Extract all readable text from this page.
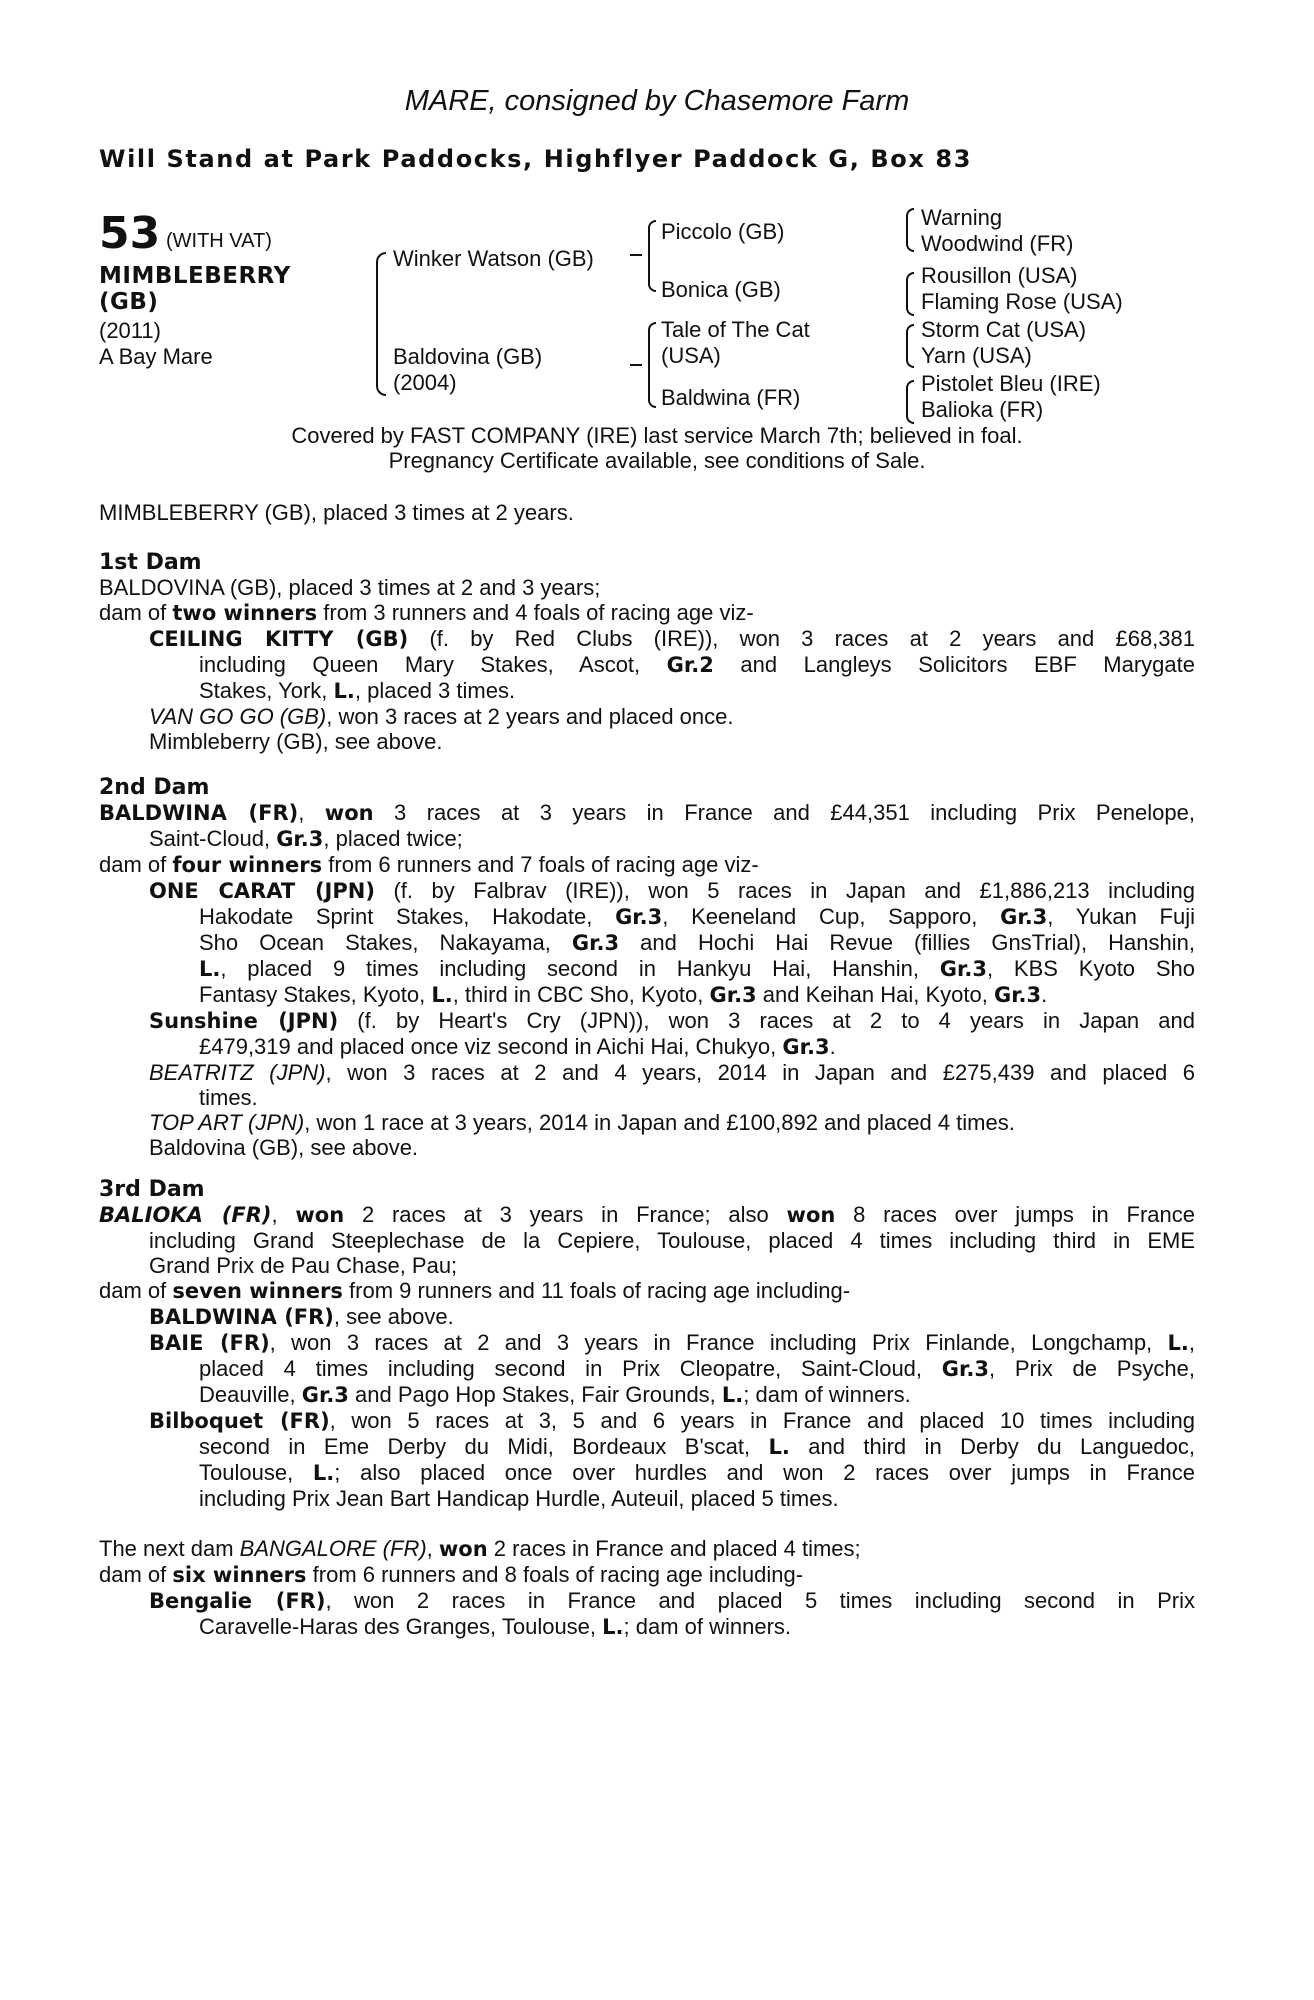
MARE, consigned by Chasemore Farm
Will Stand at Park Paddocks, Highflyer Paddock G, Box 83
53 (WITH VAT)
MIMBLEBERRY
(GB)
(2011)
A Bay Mare
Winker Watson (GB)
Baldovina (GB)
(2004)
Piccolo (GB)
Bonica (GB)
Tale of The Cat
(USA)
Baldwina (FR)
Warning
Woodwind (FR)
Rousillon (USA)
Flaming Rose (USA)
Storm Cat (USA)
Yarn (USA)
Pistolet Bleu (IRE)
Balioka (FR)
Covered by FAST COMPANY (IRE) last service March 7th; believed in foal.
Pregnancy Certificate available, see conditions of Sale.
MIMBLEBERRY (GB), placed 3 times at 2 years.
1st Dam
BALDOVINA (GB), placed 3 times at 2 and 3 years;
dam of two winners from 3 runners and 4 foals of racing age viz-
CEILING KITTY (GB) (f. by Red Clubs (IRE)), won 3 races at 2 years and £68,381
including Queen Mary Stakes, Ascot, Gr.2 and Langleys Solicitors EBF Marygate
Stakes, York, L., placed 3 times.
VAN GO GO (GB), won 3 races at 2 years and placed once.
Mimbleberry (GB), see above.
2nd Dam
BALDWINA (FR), won 3 races at 3 years in France and £44,351 including Prix Penelope,
Saint-Cloud, Gr.3, placed twice;
dam of four winners from 6 runners and 7 foals of racing age viz-
ONE CARAT (JPN) (f. by Falbrav (IRE)), won 5 races in Japan and £1,886,213 including
Hakodate Sprint Stakes, Hakodate, Gr.3, Keeneland Cup, Sapporo, Gr.3, Yukan Fuji
Sho Ocean Stakes, Nakayama, Gr.3 and Hochi Hai Revue (fillies GnsTrial), Hanshin,
L., placed 9 times including second in Hankyu Hai, Hanshin, Gr.3, KBS Kyoto Sho
Fantasy Stakes, Kyoto, L., third in CBC Sho, Kyoto, Gr.3 and Keihan Hai, Kyoto, Gr.3.
Sunshine (JPN) (f. by Heart's Cry (JPN)), won 3 races at 2 to 4 years in Japan and
£479,319 and placed once viz second in Aichi Hai, Chukyo, Gr.3.
BEATRITZ (JPN), won 3 races at 2 and 4 years, 2014 in Japan and £275,439 and placed 6
times.
TOP ART (JPN), won 1 race at 3 years, 2014 in Japan and £100,892 and placed 4 times.
Baldovina (GB), see above.
3rd Dam
BALIOKA (FR), won 2 races at 3 years in France; also won 8 races over jumps in France
including Grand Steeplechase de la Cepiere, Toulouse, placed 4 times including third in EME
Grand Prix de Pau Chase, Pau;
dam of seven winners from 9 runners and 11 foals of racing age including-
BALDWINA (FR), see above.
BAIE (FR), won 3 races at 2 and 3 years in France including Prix Finlande, Longchamp, L.,
placed 4 times including second in Prix Cleopatre, Saint-Cloud, Gr.3, Prix de Psyche,
Deauville, Gr.3 and Pago Hop Stakes, Fair Grounds, L.; dam of winners.
Bilboquet (FR), won 5 races at 3, 5 and 6 years in France and placed 10 times including
second in Eme Derby du Midi, Bordeaux B'scat, L. and third in Derby du Languedoc,
Toulouse, L.; also placed once over hurdles and won 2 races over jumps in France
including Prix Jean Bart Handicap Hurdle, Auteuil, placed 5 times.
The next dam BANGALORE (FR), won 2 races in France and placed 4 times;
dam of six winners from 6 runners and 8 foals of racing age including-
Bengalie (FR), won 2 races in France and placed 5 times including second in Prix
Caravelle-Haras des Granges, Toulouse, L.; dam of winners.
